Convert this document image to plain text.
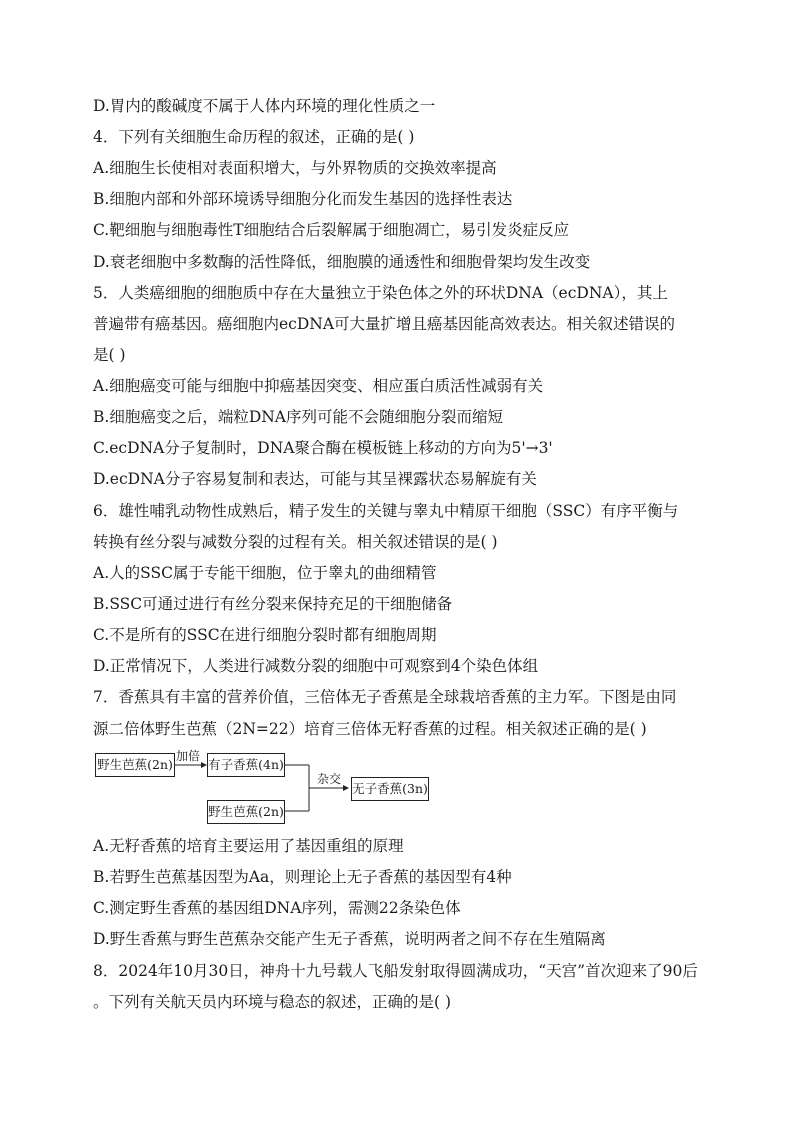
D.胃内的酸碱度不属于人体内环境的理化性质之一
4．下列有关细胞生命历程的叙述，正确的是( )
A.细胞生长使相对表面积增大，与外界物质的交换效率提高
B.细胞内部和外部环境诱导细胞分化而发生基因的选择性表达
C.靶细胞与细胞毒性T细胞结合后裂解属于细胞凋亡，易引发炎症反应
D.衰老细胞中多数酶的活性降低，细胞膜的通透性和细胞骨架均发生改变
5．人类癌细胞的细胞质中存在大量独立于染色体之外的环状DNA（ecDNA），其上
普遍带有癌基因。癌细胞内ecDNA可大量扩增且癌基因能高效表达。相关叙述错误的
是( )
A.细胞癌变可能与细胞中抑癌基因突变、相应蛋白质活性减弱有关
B.细胞癌变之后，端粒DNA序列可能不会随细胞分裂而缩短
C.ecDNA分子复制时，DNA聚合酶在模板链上移动的方向为5'→3'
D.ecDNA分子容易复制和表达，可能与其呈裸露状态易解旋有关
6．雄性哺乳动物性成熟后，精子发生的关键与睾丸中精原干细胞（SSC）有序平衡与
转换有丝分裂与减数分裂的过程有关。相关叙述错误的是( )
A.人的SSC属于专能干细胞，位于睾丸的曲细精管
B.SSC可通过进行有丝分裂来保持充足的干细胞储备
C.不是所有的SSC在进行细胞分裂时都有细胞周期
D.正常情况下，人类进行减数分裂的细胞中可观察到4个染色体组
7．香蕉具有丰富的营养价值，三倍体无子香蕉是全球栽培香蕉的主力军。下图是由同
源二倍体野生芭蕉（2N=22）培育三倍体无籽香蕉的过程。相关叙述正确的是( )
野生芭蕉(2n)
加倍
有子香蕉(4n)
杂交
无子香蕉(3n)
野生芭蕉(2n)
A.无籽香蕉的培育主要运用了基因重组的原理
B.若野生芭蕉基因型为Aa，则理论上无子香蕉的基因型有4种
C.测定野生香蕉的基因组DNA序列，需测22条染色体
D.野生香蕉与野生芭蕉杂交能产生无子香蕉，说明两者之间不存在生殖隔离
8．2024年10月30日，神舟十九号载人飞船发射取得圆满成功，“天宫”首次迎来了90后
。下列有关航天员内环境与稳态的叙述，正确的是( )
